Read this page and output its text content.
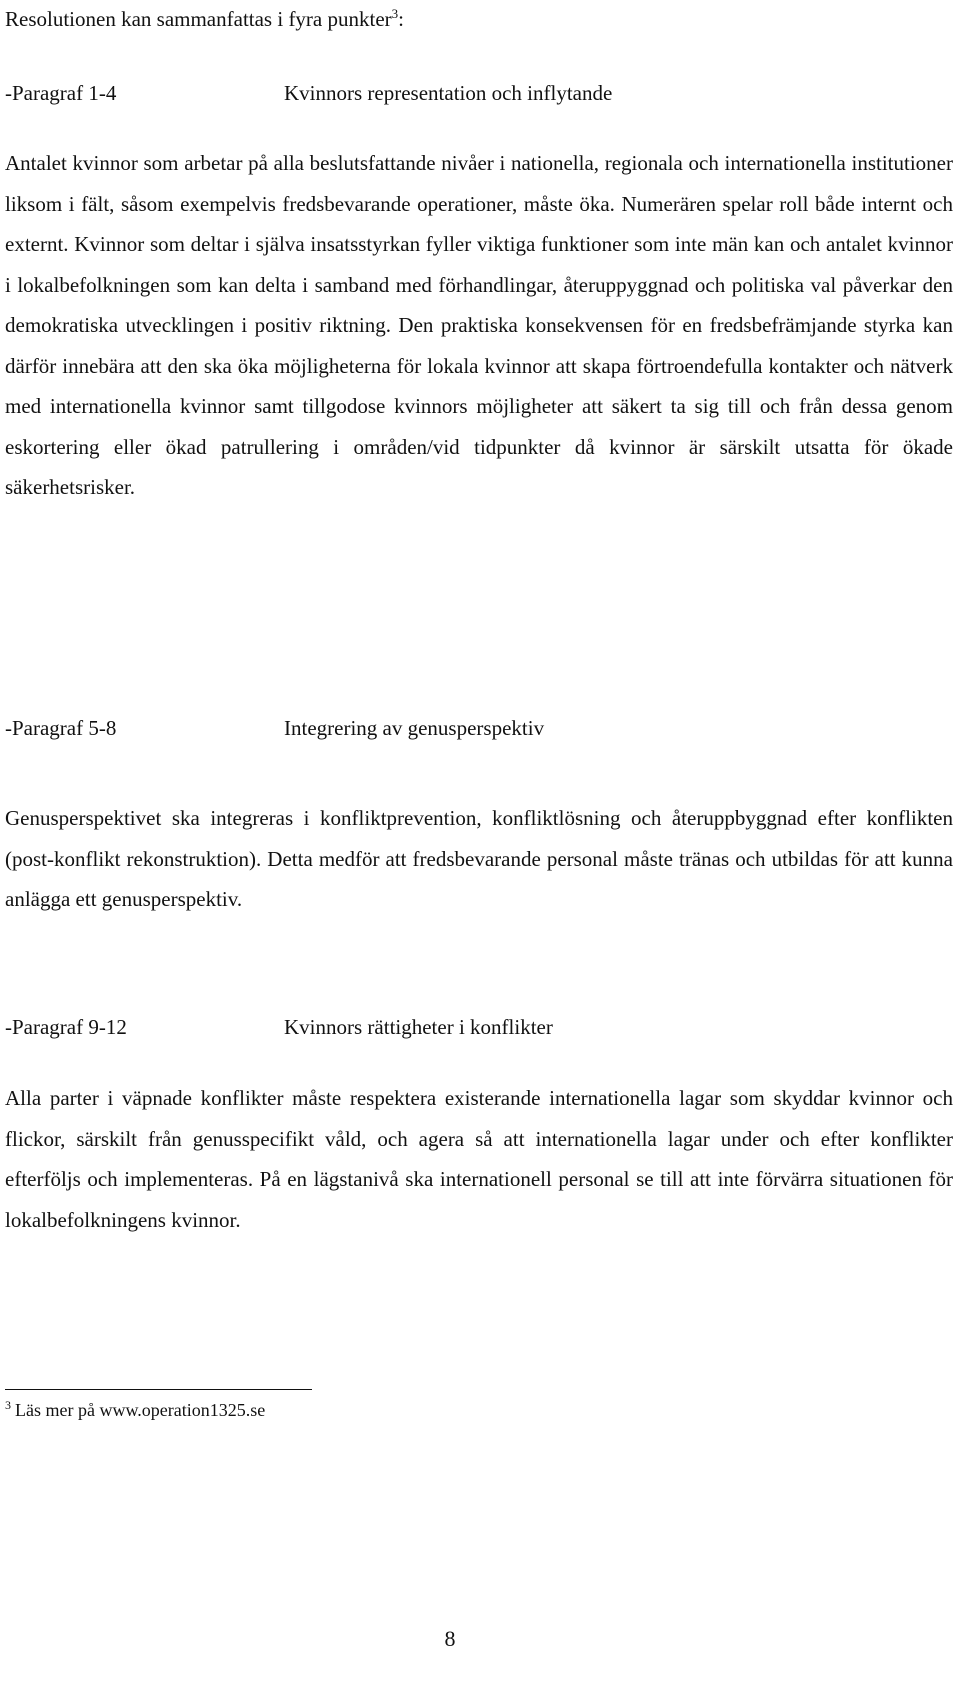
Resolutionen kan sammanfattas i fyra punkter$^3$:
-Paragraf 1-4	Kvinnors representation och inflytande
Antalet kvinnor som arbetar på alla beslutsfattande nivåer i nationella, regionala och internationella institutioner liksom i fält, såsom exempelvis fredsbevarande operationer, måste öka. Numerären spelar roll både internt och externt. Kvinnor som deltar i själva insatsstyrkan fyller viktiga funktioner som inte män kan och antalet kvinnor i lokalbefolkningen som kan delta i samband med förhandlingar, återuppyggnad och politiska val påverkar den demokratiska utvecklingen i positiv riktning. Den praktiska konsekvensen för en fredsbefrämjande styrka kan därför innebära att den ska öka möjligheterna för lokala kvinnor att skapa förtroendefulla kontakter och nätverk med internationella kvinnor samt tillgodose kvinnors möjligheter att säkert ta sig till och från dessa genom eskortering eller ökad patrullering i områden/vid tidpunkter då kvinnor är särskilt utsatta för ökade säkerhetsrisker.
-Paragraf 5-8	Integrering av genusperspektiv
Genusperspektivet ska integreras i konfliktprevention, konfliktlösning och återuppbyggnad efter konflikten (post-konflikt rekonstruktion). Detta medför att fredsbevarande personal måste tränas och utbildas för att kunna anlägga ett genusperspektiv.
-Paragraf 9-12	Kvinnors rättigheter i konflikter
Alla parter i väpnade konflikter måste respektera existerande internationella lagar som skyddar kvinnor och flickor, särskilt från genusspecifikt våld, och agera så att internationella lagar under och efter konflikter efterföljs och implementeras. På en lägstanivå ska internationell personal se till att inte förvärra situationen för lokalbefolkningens kvinnor.
$^3$ Läs mer på www.operation1325.se
8
